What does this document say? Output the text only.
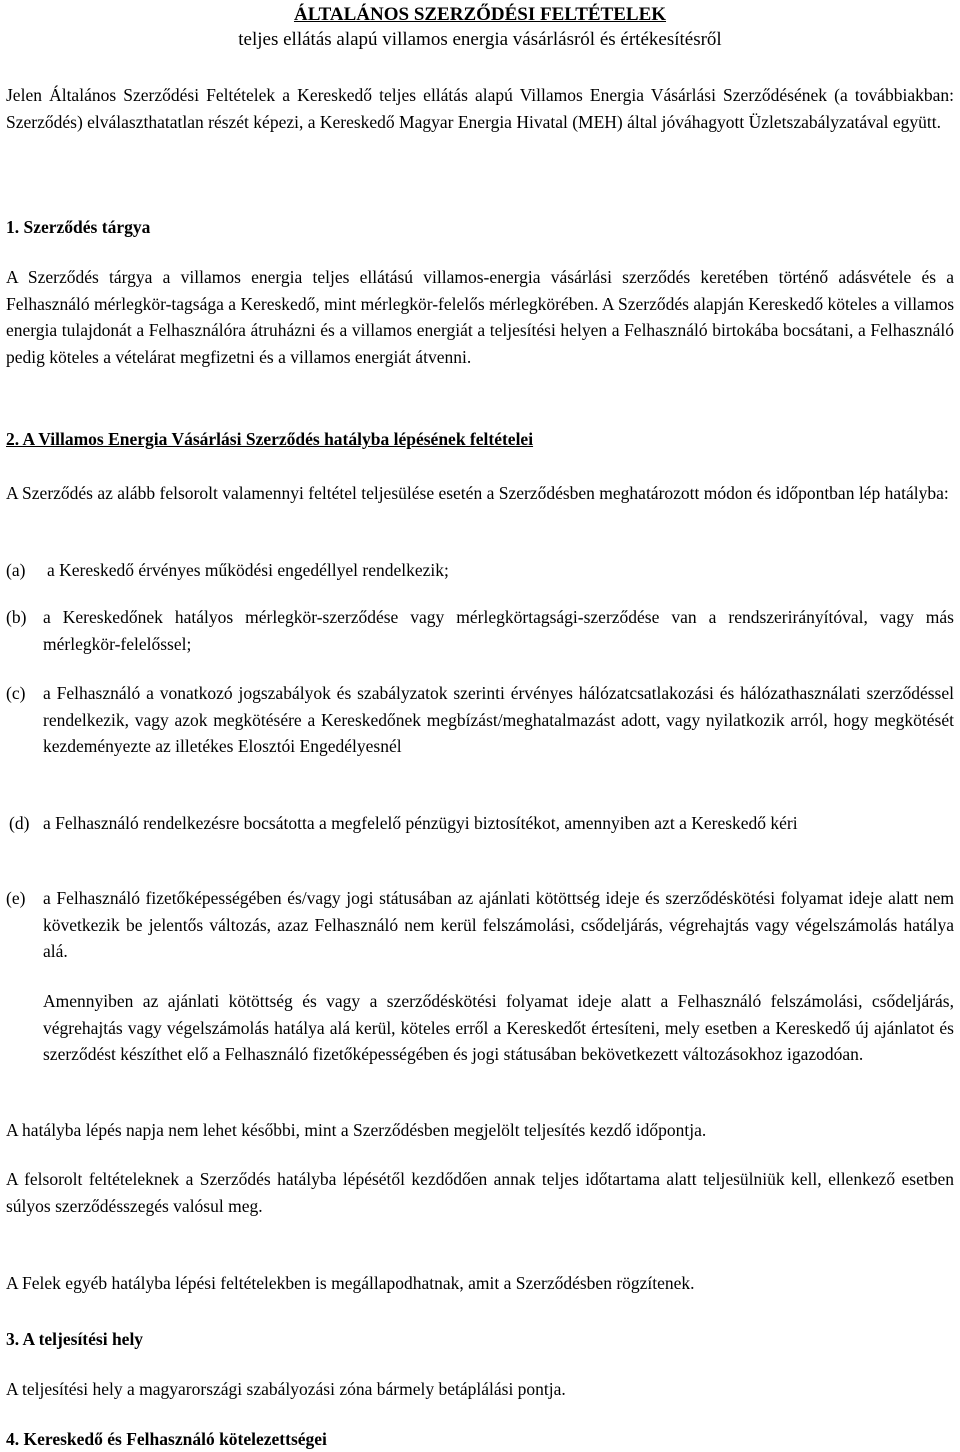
ÁLTALÁNOS SZERZŐDÉSI FELTÉTELEK
teljes ellátás alapú villamos energia vásárlásról és értékesítésről

Jelen Általános Szerződési Feltételek a Kereskedő teljes ellátás alapú Villamos Energia Vásárlási Szerződésének (a továbbiakban: Szerződés) elválaszthatatlan részét képezi, a Kereskedő Magyar Energia Hivatal (MEH) által jóváhagyott Üzletszabályzatával együtt.

1. Szerződés tárgya

A Szerződés tárgya a villamos energia teljes ellátású villamos-energia vásárlási szerződés keretében történő adásvétele és a Felhasználó mérlegkör-tagsága a Kereskedő, mint mérlegkör-felelős mérlegkörében. A Szerződés alapján Kereskedő köteles a villamos energia tulajdonát a Felhasználóra átruházni és a villamos energiát a teljesítési helyen a Felhasználó birtokába bocsátani, a Felhasználó pedig köteles a vételárat megfizetni és a villamos energiát átvenni.

2. A Villamos Energia Vásárlási Szerződés hatályba lépésének feltételei

A Szerződés az alább felsorolt valamennyi feltétel teljesülése esetén a Szerződésben meghatározott módon és időpontban lép hatályba:

(a)	a Kereskedő érvényes működési engedéllyel rendelkezik;
(b) a Kereskedőnek hatályos mérlegkör-szerződése vagy mérlegkörtagsági-szerződése van a rendszerirányítóval, vagy más mérlegkör-felelőssel;
(c)	a Felhasználó a vonatkozó jogszabályok és szabályzatok szerinti érvényes hálózatcsatlakozási és hálózathasználati szerződéssel rendelkezik, vagy azok megkötésére a Kereskedőnek megbízást/meghatalmazást adott, vagy nyilatkozik arról, hogy megkötését kezdeményezte az illetékes Elosztói Engedélyesnél
(d) a Felhasználó rendelkezésre bocsátotta a megfelelő pénzügyi biztosítékot, amennyiben azt a Kereskedő kéri
(e)	a Felhasználó fizetőképességében és/vagy jogi státusában az ajánlati kötöttség ideje és szerződéskötési folyamat ideje alatt nem következik be jelentős változás, azaz Felhasználó nem kerül felszámolási, csődeljárás, végrehajtás vagy végelszámolás hatálya alá.

Amennyiben az ajánlati kötöttség és vagy a szerződéskötési folyamat ideje alatt a Felhasználó felszámolási, csődeljárás, végrehajtás vagy végelszámolás hatálya alá kerül, köteles erről a Kereskedőt értesíteni, mely esetben a Kereskedő új ajánlatot és szerződést készíthet elő a Felhasználó fizetőképességében és jogi státusában bekövetkezett változásokhoz igazodóan.

A hatályba lépés napja nem lehet későbbi, mint a Szerződésben megjelölt teljesítés kezdő időpontja.

A felsorolt feltételeknek a Szerződés hatályba lépésétől kezdődően annak teljes időtartama alatt teljesülniük kell, ellenkező esetben súlyos szerződésszegés valósul meg.

A Felek egyéb hatályba lépési feltételekben is megállapodhatnak, amit a Szerződésben rögzítenek.

3. A teljesítési hely

A teljesítési hely a magyarországi szabályozási zóna bármely betáplálási pontja.

4. Kereskedő és Felhasználó kötelezettségei
